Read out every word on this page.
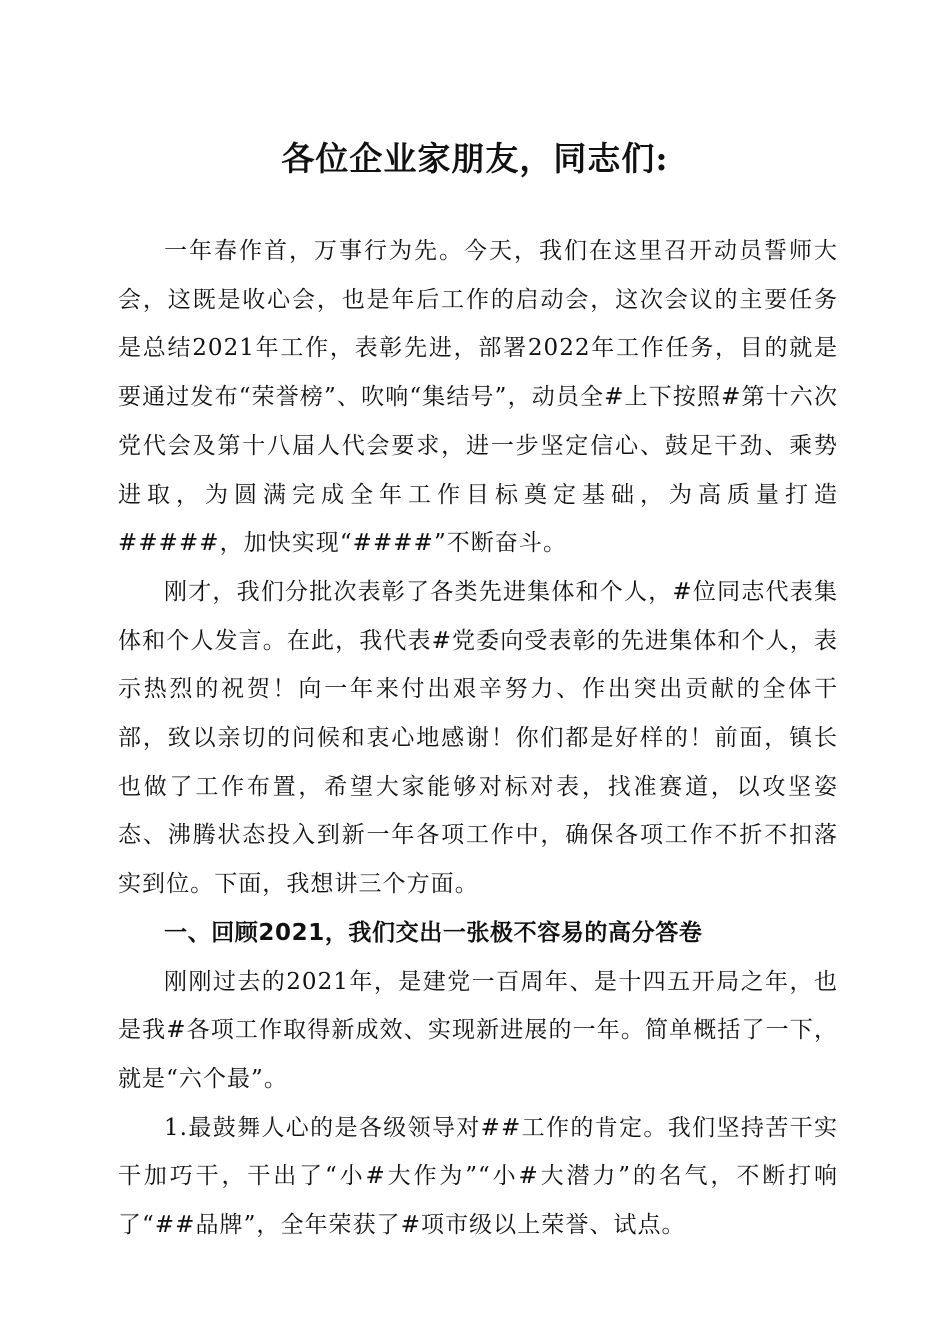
各位企业家朋友，同志们:

一年春作首，万事行为先。今天，我们在这里召开动员誓师大会，这既是收心会，也是年后工作的启动会，这次会议的主要任务是总结2021年工作，表彰先进，部署2022年工作任务，目的就是要通过发布“荣誉榜”、吹响“集结号”，动员全#上下按照#第十六次党代会及第十八届人代会要求，进一步坚定信心、鼓足干劲、乘势进取，为圆满完成全年工作目标奠定基础，为高质量打造#####，加快实现“####”不断奋斗。

刚才，我们分批次表彰了各类先进集体和个人，#位同志代表集体和个人发言。在此，我代表#党委向受表彰的先进集体和个人，表示热烈的祝贺！向一年来付出艰辛努力、作出突出贡献的全体干部，致以亲切的问候和衷心地感谢！你们都是好样的！前面，镇长也做了工作布置，希望大家能够对标对表，找准赛道，以攻坚姿态、沸腾状态投入到新一年各项工作中，确保各项工作不折不扣落实到位。下面，我想讲三个方面。

一、回顾2021，我们交出一张极不容易的高分答卷

刚刚过去的2021年，是建党一百周年、是十四五开局之年，也是我#各项工作取得新成效、实现新进展的一年。简单概括了一下，就是“六个最”。

1.最鼓舞人心的是各级领导对##工作的肯定。我们坚持苦干实干加巧干，干出了“小#大作为”“小#大潜力”的名气，不断打响了“##品牌”，全年荣获了#项市级以上荣誉、试点。
